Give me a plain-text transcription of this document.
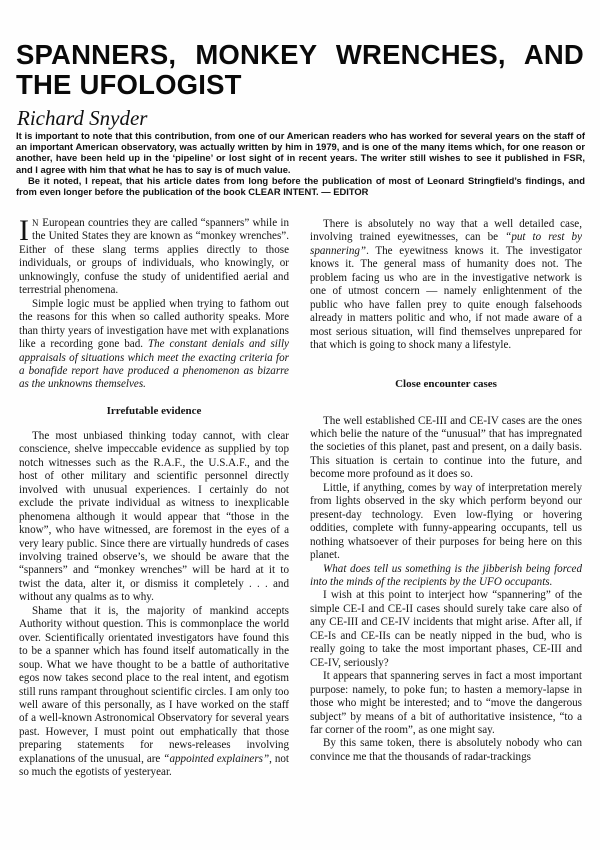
SPANNERS, MONKEY WRENCHES, AND
THE UFOLOGIST
Richard Snyder

It is important to note that this contribution, from one of our American readers who has worked for several years on the staff of an important American observatory, was actually written by him in 1979, and is one of the many items which, for one reason or another, have been held up in the ‘pipeline’ or lost sight of in recent years. The writer still wishes to see it published in FSR, and I agree with him that what he has to say is of much value.

Be it noted, I repeat, that his article dates from long before the publication of most of Leonard Stringfield’s findings, and from even longer before the publication of the book CLEAR INTENT. — EDITOR

I N European countries they are called “spanners” while in the United States they are known as “monkey wrenches”. Either of these slang terms applies directly to those individuals, or groups of individuals, who knowingly, or unknowingly, confuse the study of unidentified aerial and terrestrial phenomena.

Simple logic must be applied when trying to fathom out the reasons for this when so called authority speaks. More than thirty years of investigation have met with explanations like a recording gone bad. The constant denials and silly appraisals of situations which meet the exacting criteria for a bonafide report have produced a phenomenon as bizarre as the unknowns themselves.

Irrefutable evidence

The most unbiased thinking today cannot, with clear conscience, shelve impeccable evidence as supplied by top notch witnesses such as the R.A.F., the U.S.A.F., and the host of other military and scientific personnel directly involved with unusual experiences. I certainly do not exclude the private individual as witness to inexplicable phenomena although it would appear that “those in the know”, who have witnessed, are foremost in the eyes of a very leary public. Since there are virtually hundreds of cases involving trained observe’s, we should be aware that the “spanners” and “monkey wrenches” will be hard at it to twist the data, alter it, or dismiss it completely . . . and without any qualms as to why.

Shame that it is, the majority of mankind accepts Authority without question. This is commonplace the world over. Scientifically orientated investigators have found this to be a spanner which has found itself automatically in the soup. What we have thought to be a battle of authoritative egos now takes second place to the real intent, and egotism still runs rampant throughout scientific circles. I am only too well aware of this personally, as I have worked on the staff of a well-known Astronomical Observatory for several years past. However, I must point out emphatically that those preparing statements for news-releases involving explanations of the unusual, are “appointed explainers”, not so much the egotists of yesteryear.

There is absolutely no way that a well detailed case, involving trained eyewitnesses, can be “put to rest by spannering”. The eyewitness knows it. The investigator knows it. The general mass of humanity does not. The problem facing us who are in the investigative network is one of utmost concern — namely enlightenment of the public who have fallen prey to quite enough falsehoods already in matters politic and who, if not made aware of a most serious situation, will find themselves unprepared for that which is going to shock many a lifestyle.

Close encounter cases

The well established CE-III and CE-IV cases are the ones which belie the nature of the “unusual” that has impregnated the societies of this planet, past and present, on a daily basis. This situation is certain to continue into the future, and become more profound as it does so.

Little, if anything, comes by way of interpretation merely from lights observed in the sky which perform beyond our present-day technology. Even low-flying or hovering oddities, complete with funny-appearing occupants, tell us nothing whatsoever of their purposes for being here on this planet.

What does tell us something is the jibberish being forced into the minds of the recipients by the UFO occupants.

I wish at this point to interject how “spannering” of the simple CE-I and CE-II cases should surely take care also of any CE-III and CE-IV incidents that might arise. After all, if CE-Is and CE-IIs can be neatly nipped in the bud, who is really going to take the most important phases, CE-III and CE-IV, seriously?

It appears that spannering serves in fact a most important purpose: namely, to poke fun; to hasten a memory-lapse in those who might be interested; and to “move the dangerous subject” by means of a bit of authoritative insistence, “to a far corner of the room”, as one might say.

By this same token, there is absolutely nobody who can convince me that the thousands of radar-trackings
